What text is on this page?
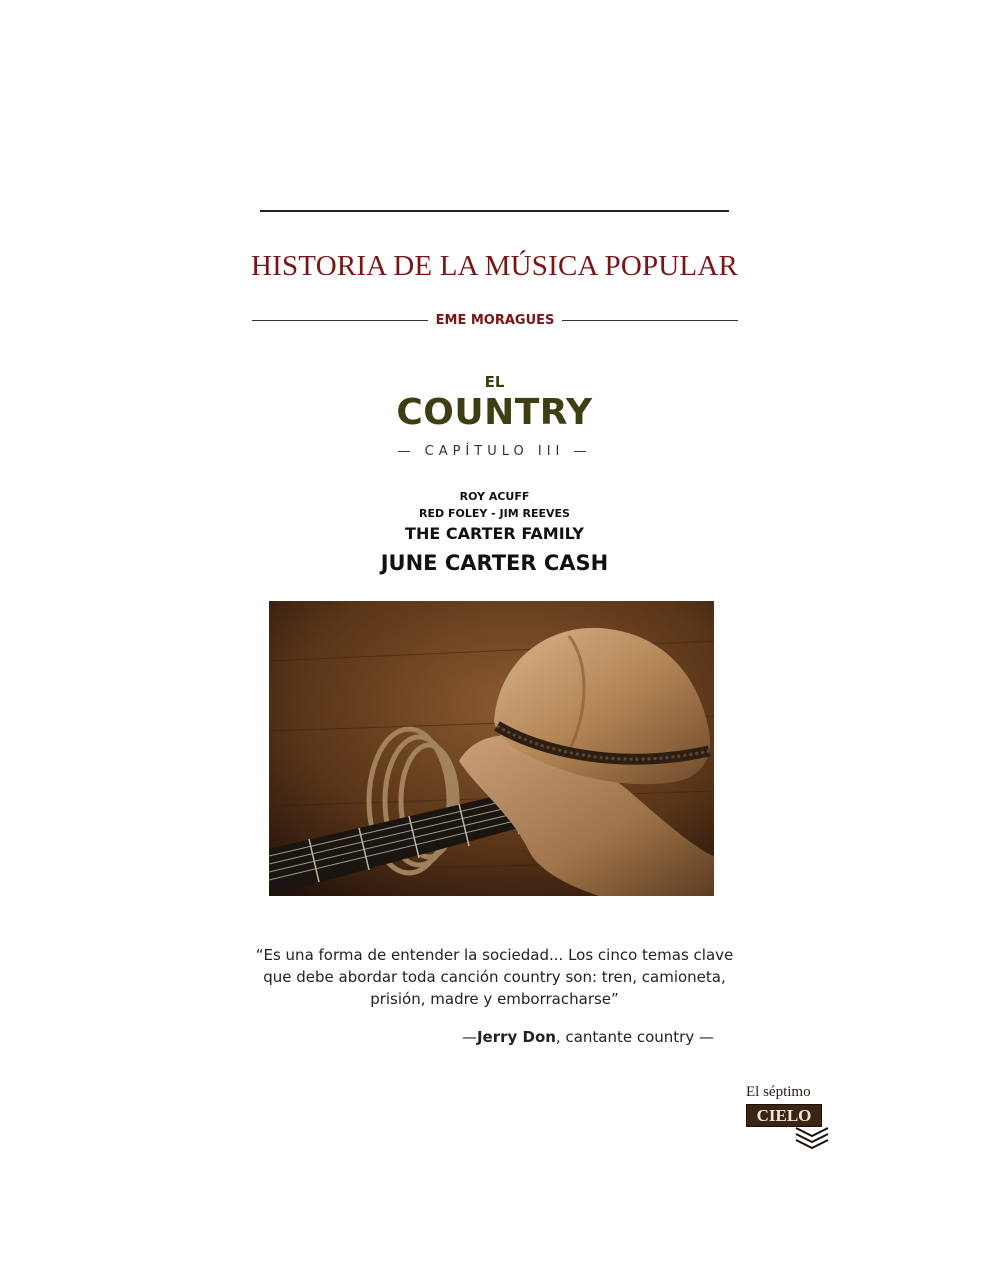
HISTORIA DE LA MÚSICA POPULAR
EME MORAGUES
EL
COUNTRY
— CAPÍTULO III —
ROY ACUFF
RED FOLEY - JIM REEVES
THE CARTER FAMILY
JUNE CARTER CASH
“Es una forma de entender la sociedad... Los cinco temas clave que debe abordar toda canción country son: tren, camioneta, prisión, madre y emborracharse”
—Jerry Don, cantante country —
El séptimo
CIELO
